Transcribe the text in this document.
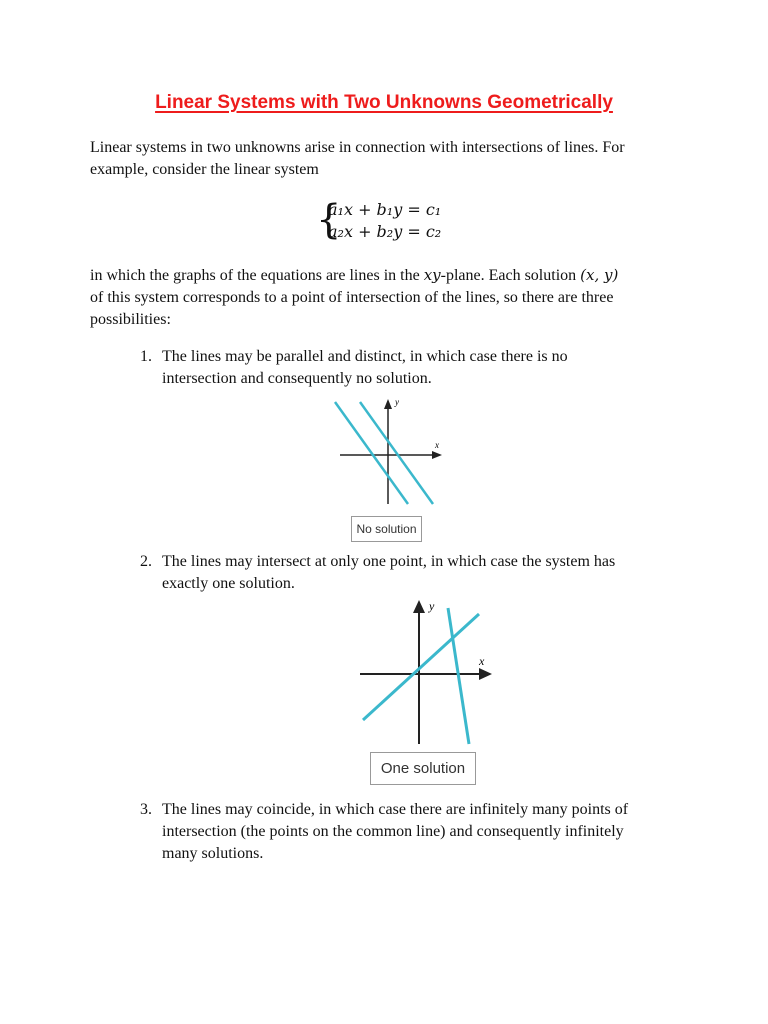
Linear Systems with Two Unknowns Geometrically
Linear systems in two unknowns arise in connection with intersections of lines. For
example, consider the linear system
{
a₁x + b₁y = c₁
a₂x + b₂y = c₂
in which the graphs of the equations are lines in the xy-plane. Each solution (x, y)
of this system corresponds to a point of intersection of the lines, so there are three
possibilities:
1. The lines may be parallel and distinct, in which case there is no
intersection and consequently no solution.
y
x
No solution
2. The lines may intersect at only one point, in which case the system has
exactly one solution.
y
x
One solution
3. The lines may coincide, in which case there are infinitely many points of
intersection (the points on the common line) and consequently infinitely
many solutions.
